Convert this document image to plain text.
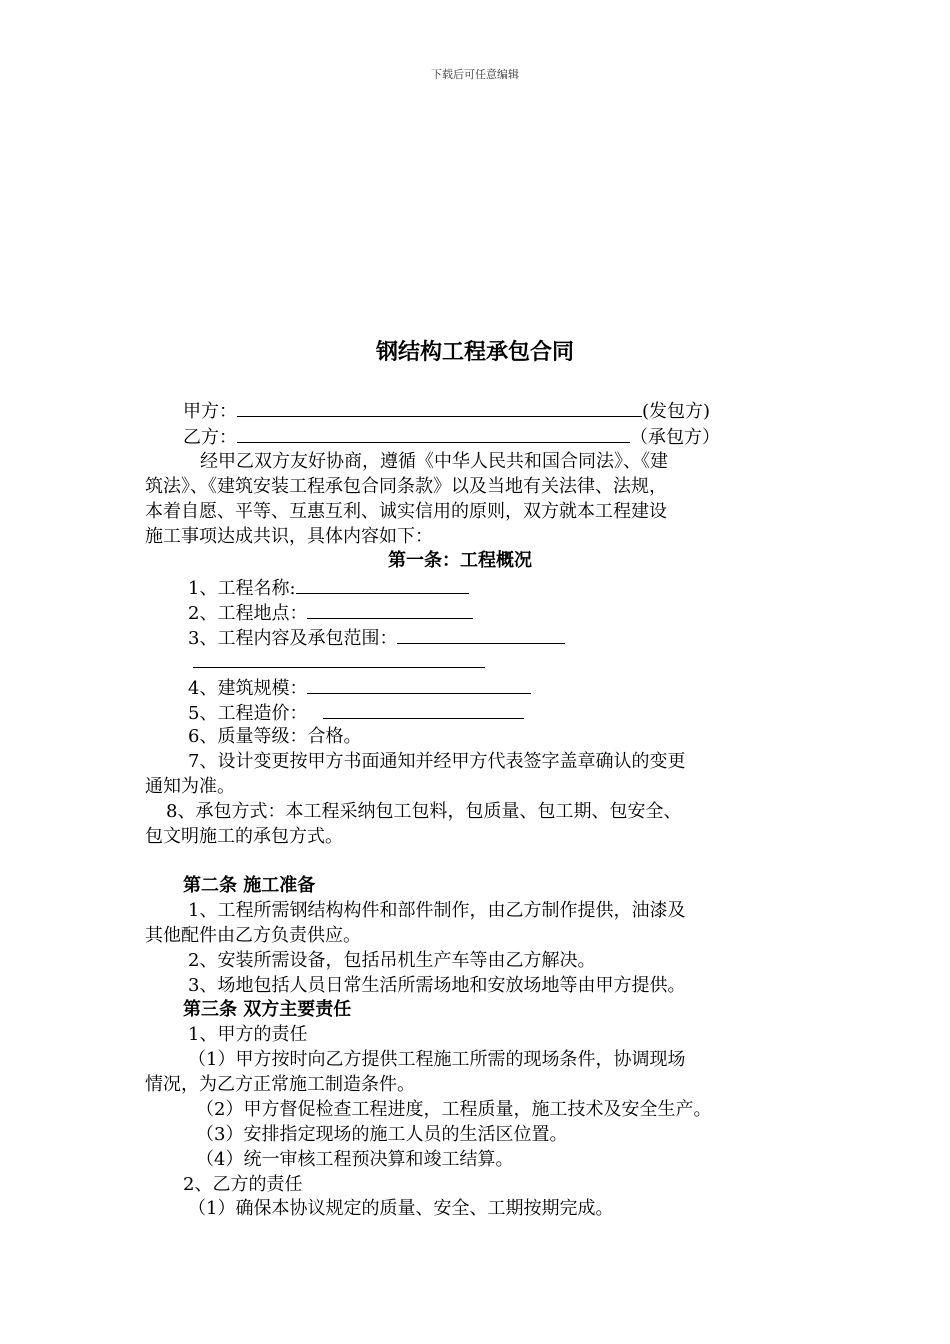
下载后可任意编辑
钢结构工程承包合同
甲方：	(发包方)
乙方：	（承包方）
经甲乙双方友好协商，遵循《中华人民共和国合同法》、《建
筑法》、《建筑安装工程承包合同条款》以及当地有关法律、法规，
本着自愿、平等、互惠互利、诚实信用的原则，双方就本工程建设
施工事项达成共识，具体内容如下：
第一条：工程概况
1、工程名称:
2、工程地点：
3、工程内容及承包范围：
4、建筑规模：
5、工程造价：
6、质量等级：合格。
7、设计变更按甲方书面通知并经甲方代表签字盖章确认的变更
通知为准。
8、承包方式：本工程采纳包工包料，包质量、包工期、包安全、
包文明施工的承包方式。
第二条 施工准备
1、工程所需钢结构构件和部件制作，由乙方制作提供，油漆及
其他配件由乙方负责供应。
2、安装所需设备，包括吊机生产车等由乙方解决。
3、场地包括人员日常生活所需场地和安放场地等由甲方提供。
第三条 双方主要责任
1、甲方的责任
（1）甲方按时向乙方提供工程施工所需的现场条件，协调现场
情况，为乙方正常施工制造条件。
（2）甲方督促检查工程进度，工程质量，施工技术及安全生产。
（3）安排指定现场的施工人员的生活区位置。
（4）统一审核工程预决算和竣工结算。
2、乙方的责任
（1）确保本协议规定的质量、安全、工期按期完成。
